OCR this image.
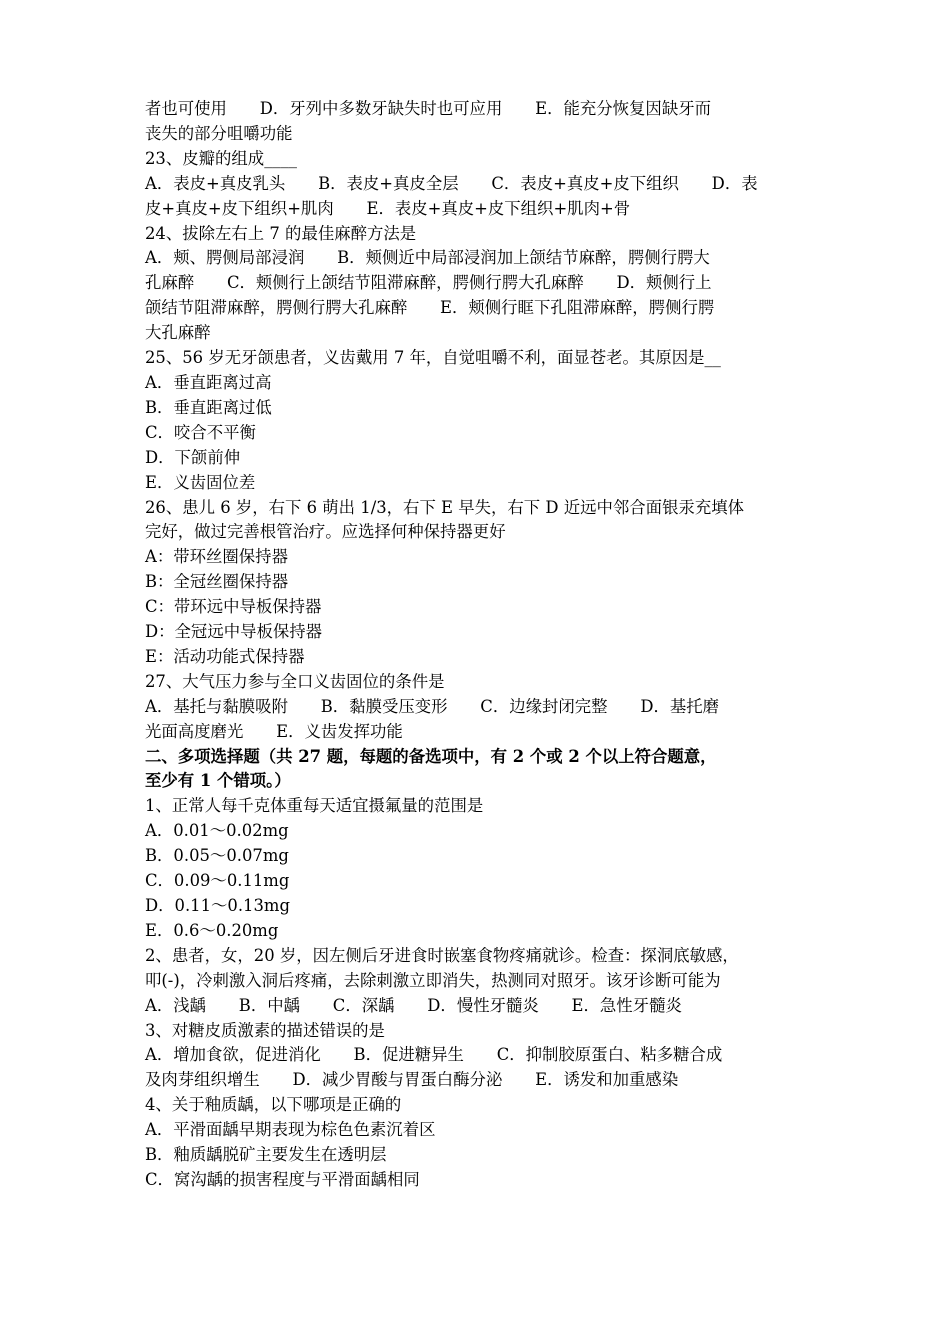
者也可使用　　D．牙列中多数牙缺失时也可应用　　E．能充分恢复因缺牙而
丧失的部分咀嚼功能
23、皮瓣的组成____
A．表皮+真皮乳头　　B．表皮+真皮全层　　C．表皮+真皮+皮下组织　　D．表
皮+真皮+皮下组织+肌肉　　E．表皮+真皮+皮下组织+肌肉+骨
24、拔除左右上 7 的最佳麻醉方法是
A．颊、腭侧局部浸润　　B．颊侧近中局部浸润加上颌结节麻醉，腭侧行腭大
孔麻醉　　C．颊侧行上颌结节阻滞麻醉，腭侧行腭大孔麻醉　　D．颊侧行上
颌结节阻滞麻醉，腭侧行腭大孔麻醉　　E．颊侧行眶下孔阻滞麻醉，腭侧行腭
大孔麻醉
25、56 岁无牙颌患者，义齿戴用 7 年，自觉咀嚼不利，面显苍老。其原因是__
A．垂直距离过高
B．垂直距离过低
C．咬合不平衡
D．下颌前伸
E．义齿固位差
26、患儿 6 岁，右下 6 萌出 1/3，右下 E 早失，右下 D 近远中邻合面银汞充填体
完好，做过完善根管治疗。应选择何种保持器更好
A：带环丝圈保持器
B：全冠丝圈保持器
C：带环远中导板保持器
D：全冠远中导板保持器
E：活动功能式保持器
27、大气压力参与全口义齿固位的条件是
A．基托与黏膜吸附　　B．黏膜受压变形　　C．边缘封闭完整　　D．基托磨
光面高度磨光　　E．义齿发挥功能
二、多项选择题（共 27 题，每题的备选项中，有 2 个或 2 个以上符合题意，
至少有 1 个错项。）
1、正常人每千克体重每天适宜摄氟量的范围是
A．0.01～0.02mg
B．0.05～0.07mg
C．0.09～0.11mg
D．0.11～0.13mg
E．0.6～0.20mg
2、患者，女，20 岁，因左侧后牙进食时嵌塞食物疼痛就诊。检查：探洞底敏感，
叩(-)，冷刺激入洞后疼痛，去除刺激立即消失，热测同对照牙。该牙诊断可能为
A．浅龋　　B．中龋　　C．深龋　　D．慢性牙髓炎　　E．急性牙髓炎
3、对糖皮质激素的描述错误的是
A．增加食欲，促进消化　　B．促进糖异生　　C．抑制胶原蛋白、粘多糖合成
及肉芽组织增生　　D．减少胃酸与胃蛋白酶分泌　　E．诱发和加重感染
4、关于釉质龋，以下哪项是正确的
A．平滑面龋早期表现为棕色色素沉着区
B．釉质龋脱矿主要发生在透明层
C．窝沟龋的损害程度与平滑面龋相同
